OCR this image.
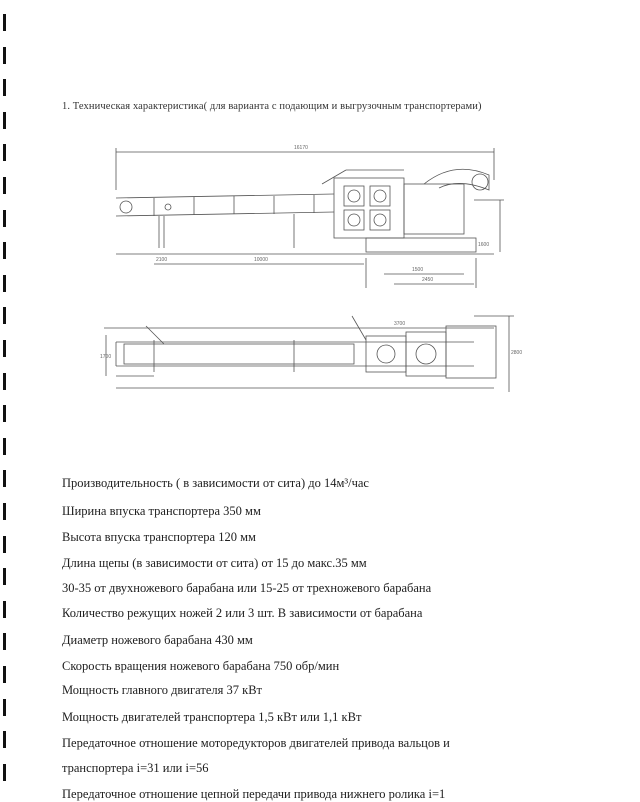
1. Техническая характеристика( для варианта с подающим и выгрузочным транспортерами)
16170
10000
2100
1500
2450
1600
3700
1700
2800
Производительность ( в зависимости от сита) до 14м³/час
Ширина впуска транспортера 350 мм
Высота впуска транспортера 120 мм
Длина щепы (в зависимости от сита) от 15 до макс.35 мм
30-35 от двухножевого барабана или 15-25 от трехножевого барабана
Количество режущих ножей 2 или 3 шт. В зависимости от барабана
Диаметр ножевого барабана 430 мм
Скорость вращения ножевого барабана 750 обр/мин
Мощность главного двигателя 37 кВт
Мощность двигателей транспортера 1,5 кВт или 1,1 кВт
Передаточное отношение моторедукторов двигателей привода вальцов и
транспортера i=31 или i=56
Передаточное отношение цепной передачи привода нижнего ролика i=1
